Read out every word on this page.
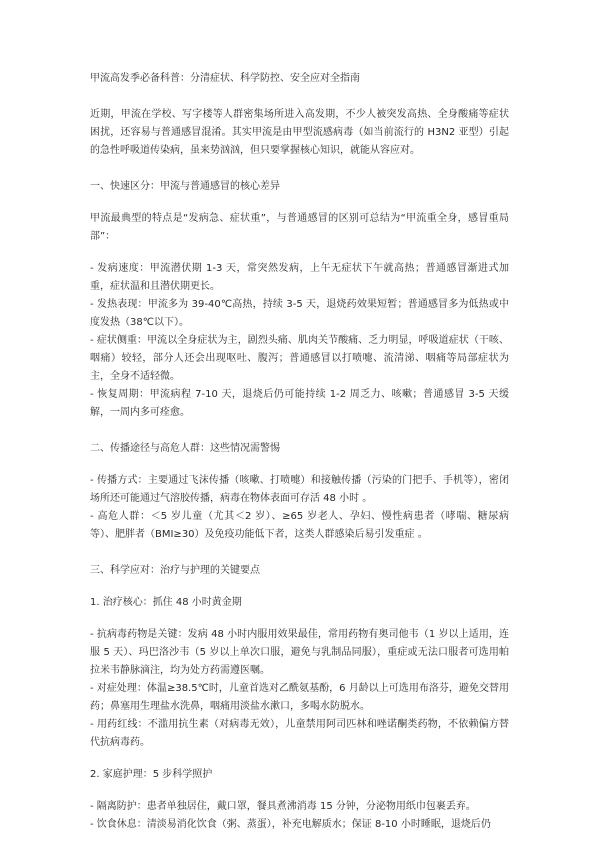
甲流高发季必备科普：分清症状、科学防控、安全应对全指南

近期，甲流在学校、写字楼等人群密集场所进入高发期，不少人被突发高热、全身酸痛等症状困扰，还容易与普通感冒混淆。其实甲流是由甲型流感病毒（如当前流行的 H3N2 亚型）引起的急性呼吸道传染病，虽来势汹汹，但只要掌握核心知识，就能从容应对。

一、快速区分：甲流与普通感冒的核心差异

甲流最典型的特点是“发病急、症状重”，与普通感冒的区别可总结为“甲流重全身，感冒重局部”：

- 发病速度：甲流潜伏期 1-3 天，常突然发病，上午无症状下午就高热；普通感冒渐进式加重，症状温和且潜伏期更长。

- 发热表现：甲流多为 39-40℃高热，持续 3-5 天，退烧药效果短暂；普通感冒多为低热或中度发热（38℃以下）。

- 症状侧重：甲流以全身症状为主，剧烈头痛、肌肉关节酸痛、乏力明显，呼吸道症状（干咳、咽痛）较轻，部分人还会出现呕吐、腹泻；普通感冒以打喷嚏、流清涕、咽痛等局部症状为主，全身不适轻微。

- 恢复周期：甲流病程 7-10 天，退烧后仍可能持续 1-2 周乏力、咳嗽；普通感冒 3-5 天缓解，一周内多可痊愈。

二、传播途径与高危人群：这些情况需警惕

- 传播方式：主要通过飞沫传播（咳嗽、打喷嚏）和接触传播（污染的门把手、手机等），密闭场所还可能通过气溶胶传播，病毒在物体表面可存活 48 小时 。

- 高危人群：＜5 岁儿童（尤其＜2 岁）、≥65 岁老人、孕妇、慢性病患者（哮喘、糖尿病等）、肥胖者（BMI≥30）及免疫功能低下者，这类人群感染后易引发重症 。

三、科学应对：治疗与护理的关键要点

1. 治疗核心：抓住 48 小时黄金期

- 抗病毒药物是关键：发病 48 小时内服用效果最佳，常用药物有奥司他韦（1 岁以上适用，连服 5 天）、玛巴洛沙韦（5 岁以上单次口服，避免与乳制品同服），重症或无法口服者可选用帕拉米韦静脉滴注，均为处方药需遵医嘱。

- 对症处理：体温≥38.5℃时，儿童首选对乙酰氨基酚，6 月龄以上可选用布洛芬，避免交替用药；鼻塞用生理盐水洗鼻，咽痛用淡盐水漱口，多喝水防脱水。

- 用药红线：不滥用抗生素（对病毒无效），儿童禁用阿司匹林和唑诺酮类药物，不依赖偏方替代抗病毒药。

2. 家庭护理：5 步科学照护

- 隔离防护：患者单独居住，戴口罩，餐具煮沸消毒 15 分钟，分泌物用纸巾包裹丢弃。

- 饮食休息：清淡易消化饮食（粥、蒸蛋），补充电解质水；保证 8-10 小时睡眠，退烧后仍
